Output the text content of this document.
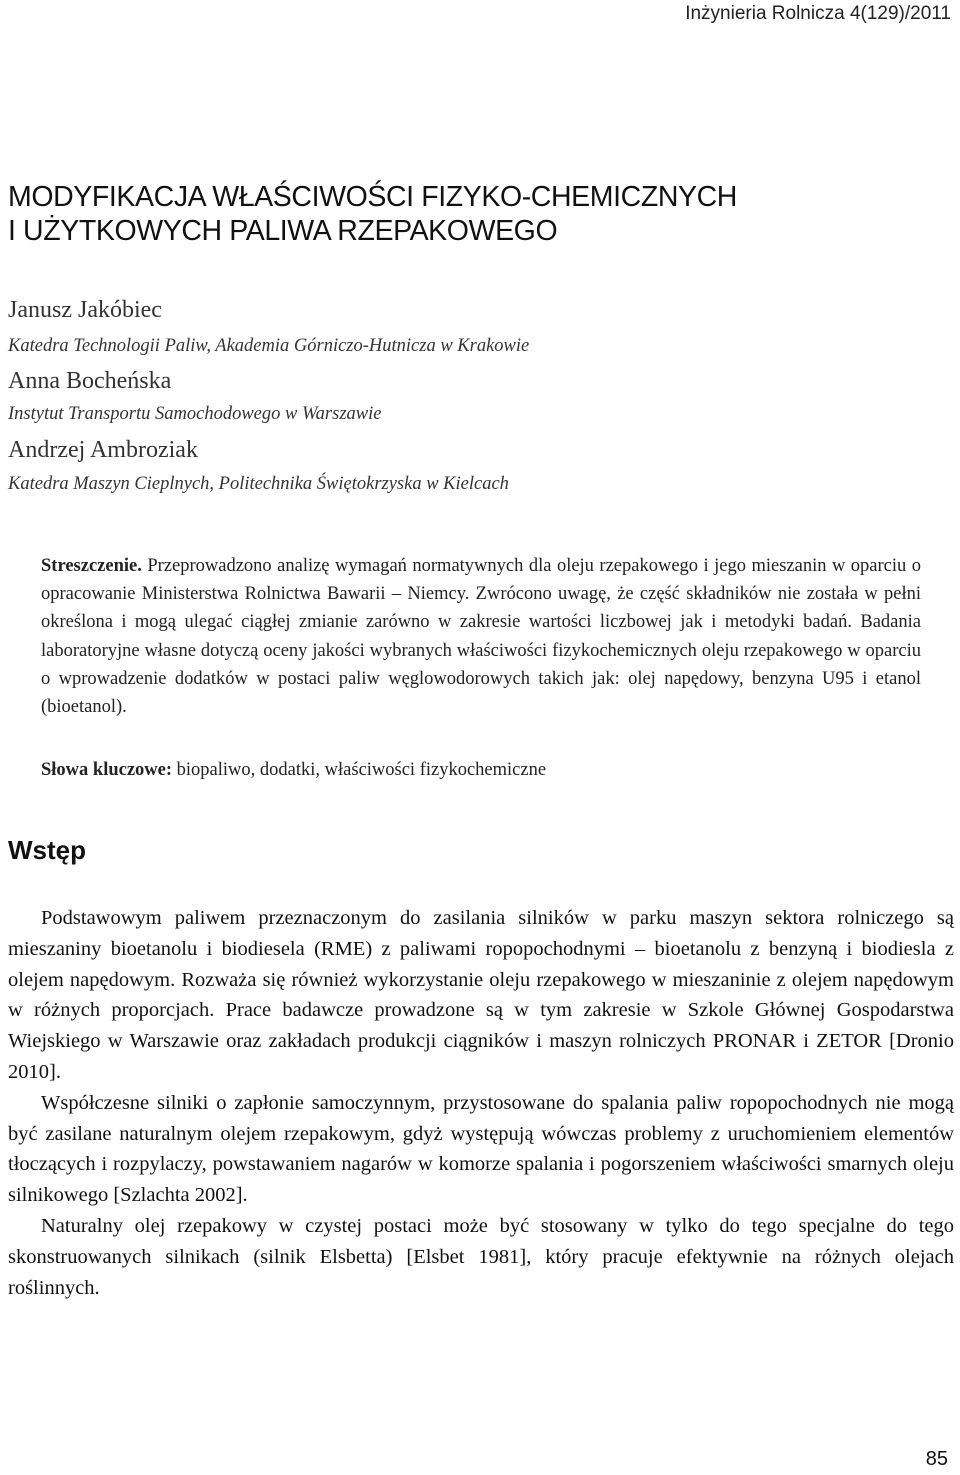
Inżynieria Rolnicza 4(129)/2011
MODYFIKACJA WŁAŚCIWOŚCI FIZYKO-CHEMICZNYCH
I UŻYTKOWYCH PALIWA RZEPAKOWEGO
Janusz Jakóbiec
Katedra Technologii Paliw, Akademia Górniczo-Hutnicza w Krakowie
Anna Bocheńska
Instytut Transportu Samochodowego w Warszawie
Andrzej Ambroziak
Katedra Maszyn Cieplnych, Politechnika Świętokrzyska w Kielcach
Streszczenie. Przeprowadzono analizę wymagań normatywnych dla oleju rzepakowego i jego mieszanin w oparciu o opracowanie Ministerstwa Rolnictwa Bawarii – Niemcy. Zwrócono uwagę, że część składników nie została w pełni określona i mogą ulegać ciągłej zmianie zarówno w zakresie wartości liczbowej jak i metodyki badań. Badania laboratoryjne własne dotyczą oceny jakości wybranych właściwości fizykochemicznych oleju rzepakowego w oparciu o wprowadzenie dodatków w postaci paliw węglowodorowych takich jak: olej napędowy, benzyna U95 i etanol (bioetanol).
Słowa kluczowe: biopaliwo, dodatki, właściwości fizykochemiczne
Wstęp

Podstawowym paliwem przeznaczonym do zasilania silników w parku maszyn sektora rolniczego są mieszaniny bioetanolu i biodiesela (RME) z paliwami ropopochodnymi – bioetanolu z benzyną i biodiesla z olejem napędowym. Rozważa się również wykorzystanie oleju rzepakowego w mieszaninie z olejem napędowym w różnych proporcjach. Prace badawcze prowadzone są w tym zakresie w Szkole Głównej Gospodarstwa Wiejskiego w Warszawie oraz zakładach produkcji ciągników i maszyn rolniczych PRONAR i ZETOR [Dronio 2010].

Współczesne silniki o zapłonie samoczynnym, przystosowane do spalania paliw ropopochodnych nie mogą być zasilane naturalnym olejem rzepakowym, gdyż występują wówczas problemy z uruchomieniem elementów tłoczących i rozpylaczy, powstawaniem nagarów w komorze spalania i pogorszeniem właściwości smarnych oleju silnikowego [Szlachta 2002].

Naturalny olej rzepakowy w czystej postaci może być stosowany w tylko do tego specjalne do tego skonstruowanych silnikach (silnik Elsbetta) [Elsbet 1981], który pracuje efektywnie na różnych olejach roślinnych.

85
